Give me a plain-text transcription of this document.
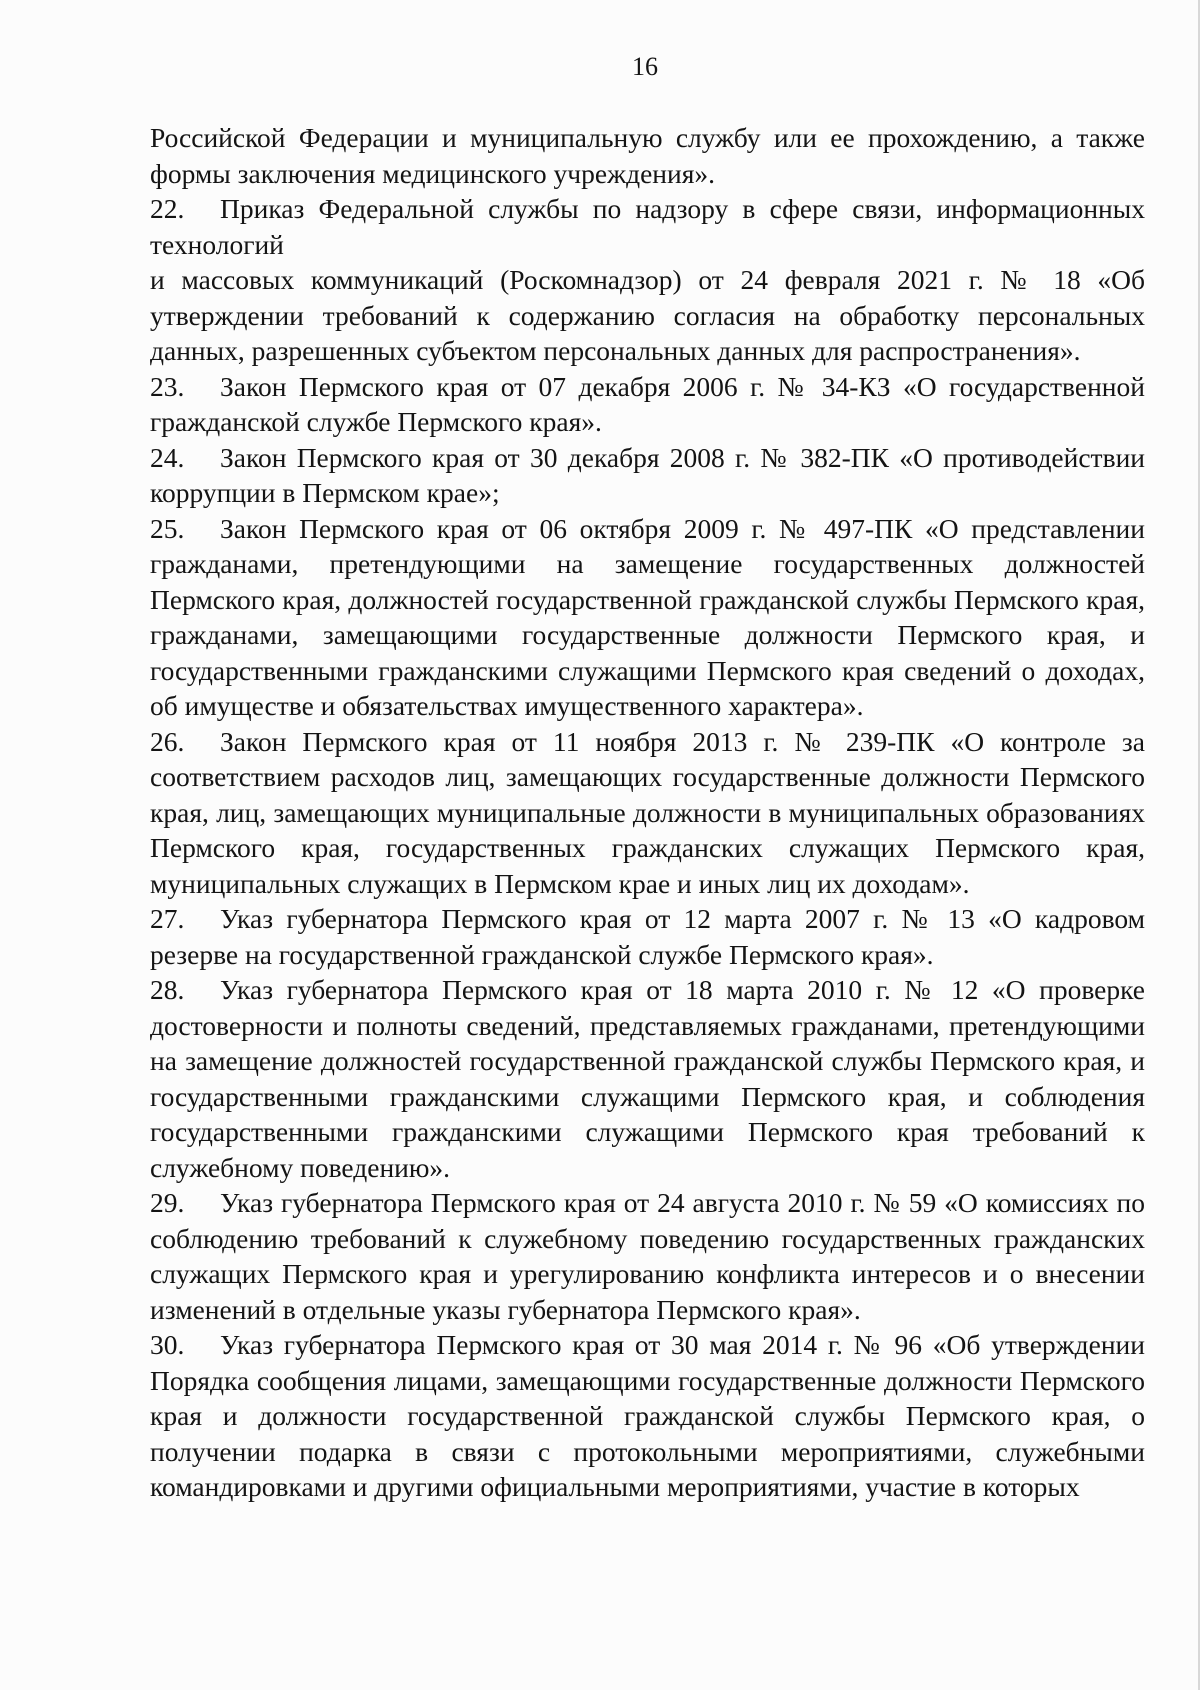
16

Российской Федерации и муниципальную службу или ее прохождению, а также формы заключения медицинского учреждения».

22. Приказ Федеральной службы по надзору в сфере связи, информационных технологий

и массовых коммуникаций (Роскомнадзор) от 24 февраля 2021 г. № 18 «Об утверждении требований к содержанию согласия на обработку персональных данных, разрешенных субъектом персональных данных для распространения».

23. Закон Пермского края от 07 декабря 2006 г. № 34-КЗ «О государственной гражданской службе Пермского края».

24. Закон Пермского края от 30 декабря 2008 г. № 382-ПК «О противодействии коррупции в Пермском крае»;

25. Закон Пермского края от 06 октября 2009 г. № 497-ПК «О представлении гражданами, претендующими на замещение государственных должностей Пермского края, должностей государственной гражданской службы Пермского края, гражданами, замещающими государственные должности Пермского края, и государственными гражданскими служащими Пермского края сведений о доходах, об имуществе и обязательствах имущественного характера».

26. Закон Пермского края от 11 ноября 2013 г. № 239-ПК «О контроле за соответствием расходов лиц, замещающих государственные должности Пермского края, лиц, замещающих муниципальные должности в муниципальных образованиях Пермского края, государственных гражданских служащих Пермского края, муниципальных служащих в Пермском крае и иных лиц их доходам».

27. Указ губернатора Пермского края от 12 марта 2007 г. № 13 «О кадровом резерве на государственной гражданской службе Пермского края».

28. Указ губернатора Пермского края от 18 марта 2010 г. № 12 «О проверке достоверности и полноты сведений, представляемых гражданами, претендующими на замещение должностей государственной гражданской службы Пермского края, и государственными гражданскими служащими Пермского края, и соблюдения государственными гражданскими служащими Пермского края требований к служебному поведению».

29. Указ губернатора Пермского края от 24 августа 2010 г. № 59 «О комиссиях по соблюдению требований к служебному поведению государственных гражданских служащих Пермского края и урегулированию конфликта интересов и о внесении изменений в отдельные указы губернатора Пермского края».

30. Указ губернатора Пермского края от 30 мая 2014 г. № 96 «Об утверждении Порядка сообщения лицами, замещающими государственные должности Пермского края и должности государственной гражданской службы Пермского края, о получении подарка в связи с протокольными мероприятиями, служебными командировками и другими официальными мероприятиями, участие в которых
